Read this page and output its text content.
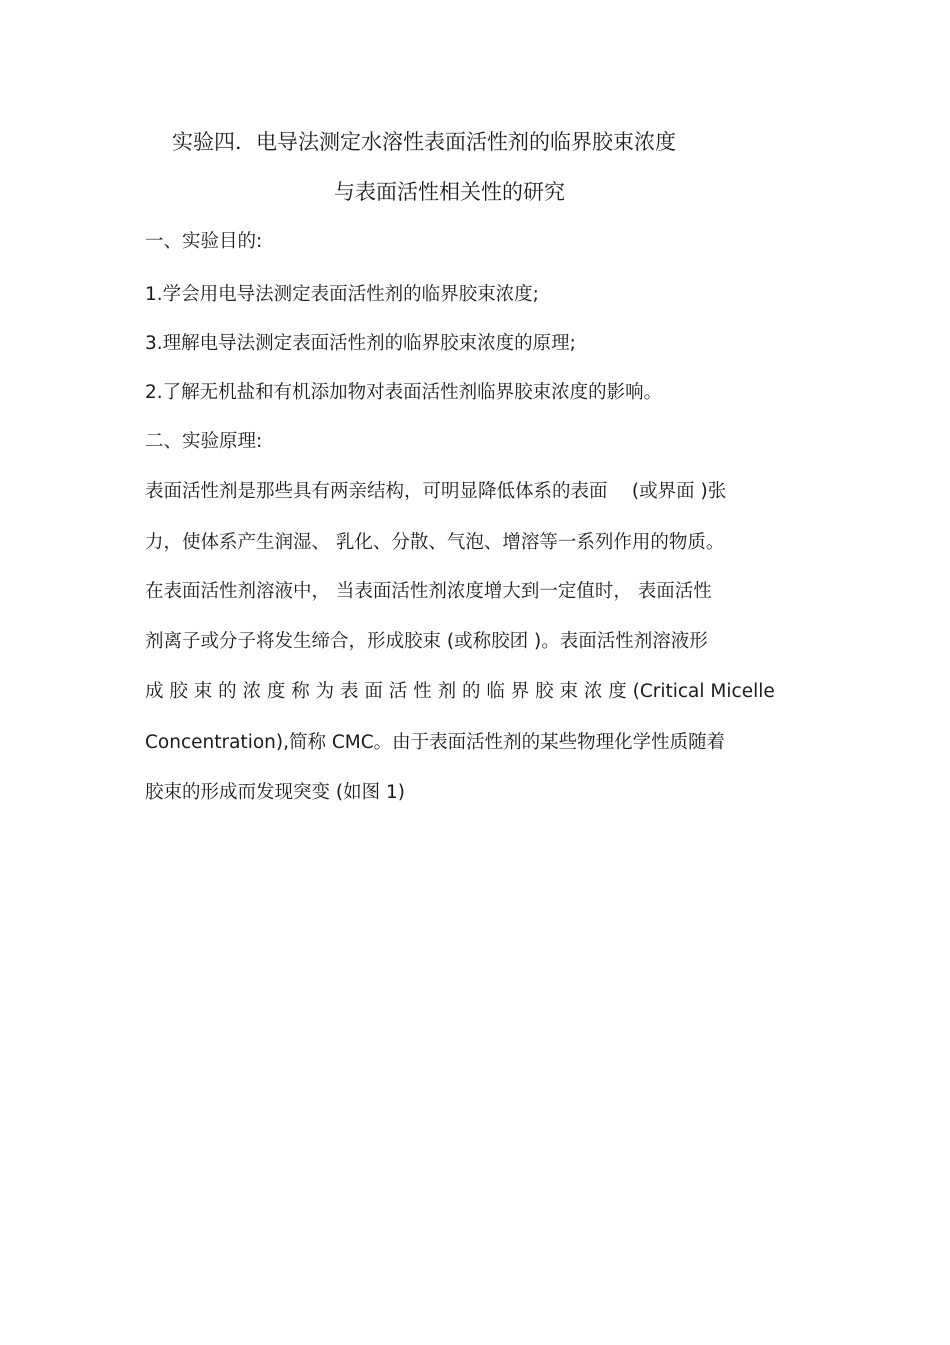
实验四．电导法测定水溶性表面活性剂的临界胶束浓度
与表面活性相关性的研究
一、实验目的:
1.学会用电导法测定表面活性剂的临界胶束浓度;
3.理解电导法测定表面活性剂的临界胶束浓度的原理;
2.了解无机盐和有机添加物对表面活性剂临界胶束浓度的影响。
二、实验原理:
表面活性剂是那些具有两亲结构，可明显降低体系的表面　 (或界面 )张
力，使体系产生润湿、 乳化、分散、气泡、增溶等一系列作用的物质。
在表面活性剂溶液中， 当表面活性剂浓度增大到一定值时， 表面活性
剂离子或分子将发生缔合，形成胶束 (或称胶团 )。表面活性剂溶液形
成 胶 束 的 浓 度 称 为 表 面 活 性 剂 的 临 界 胶 束 浓 度 (Critical Micelle
Concentration),简称 CMC。由于表面活性剂的某些物理化学性质随着
胶束的形成而发现突变 (如图 1)
